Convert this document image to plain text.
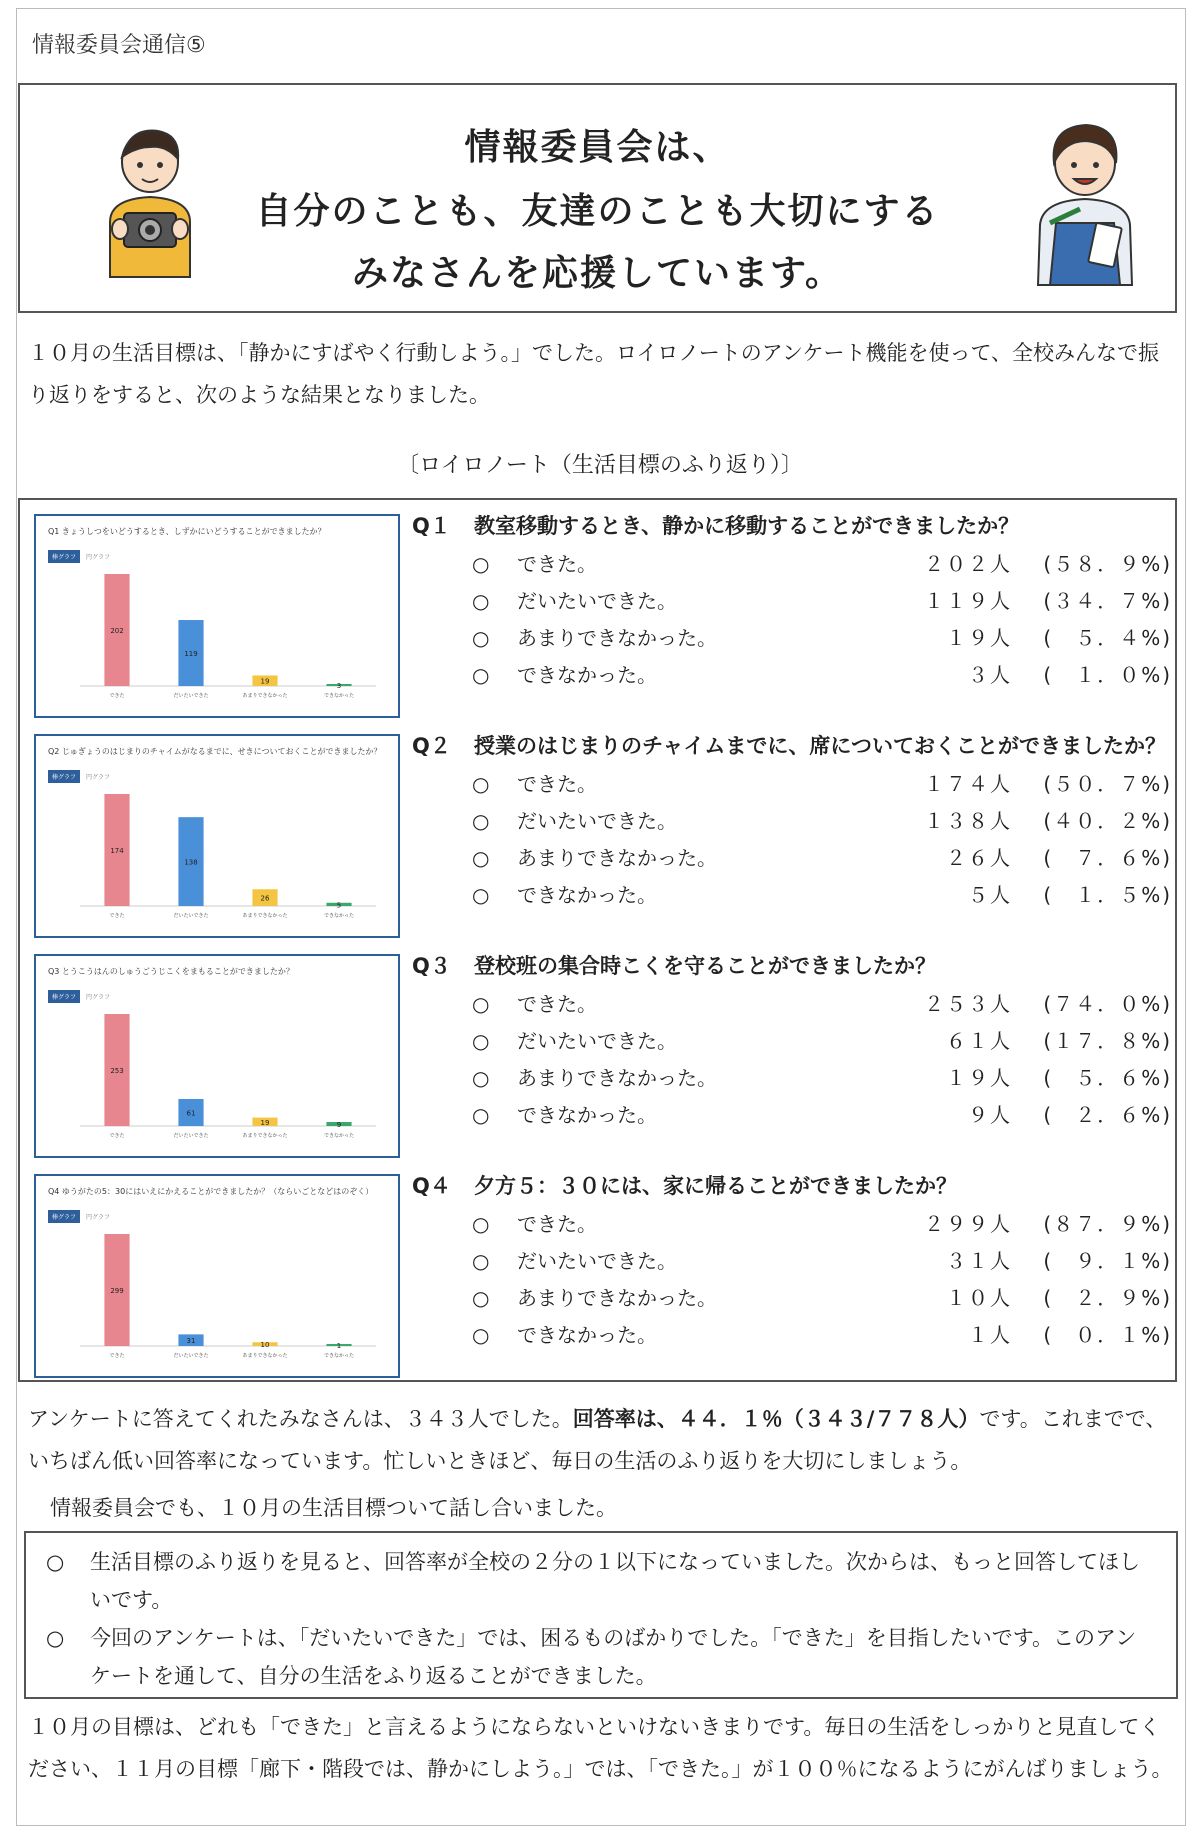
情報委員会通信⑤
情報委員会は、
自分のことも、友達のことも大切にする
みなさんを応援しています。
１０月の生活目標は、「静かにすばやく行動しよう。」でした。ロイロノートのアンケート機能を使って、全校みんなで振り返りをすると、次のような結果となりました。
〔ロイロノート（生活目標のふり返り）〕
202
できた
119
だいたいできた
19
あまりできなかった
3
できなかった
Q1 きょうしつをいどうするとき、しずかにいどうすることができましたか？
棒グラフ	円グラフ
174
できた
138
だいたいできた
26
あまりできなかった
5
できなかった
Q2 じゅぎょうのはじまりのチャイムがなるまでに、せきについておくことができましたか？
棒グラフ	円グラフ
253
できた
61
だいたいできた
19
あまりできなかった
9
できなかった
Q3 とうこうはんのしゅうごうじこくをまもることができましたか？
棒グラフ	円グラフ
299
できた
31
だいたいできた
10
あまりできなかった
1
できなかった
Q4 ゆうがたの5：30にはいえにかえることができましたか？（ならいごとなどはのぞく）
棒グラフ	円グラフ
Q１ 教室移動するとき、静かに移動することができましたか？
○ できた。	２０２人 (５８．９%)
○ だいたいできた。	１１９人 (３４．７%)
○ あまりできなかった。	１９人 (　５．４%)
○ できなかった。	３人 (　１．０%)
Q２ 授業のはじまりのチャイムまでに、席についておくことができましたか？
○ できた。	１７４人 (５０．７%)
○ だいたいできた。	１３８人 (４０．２%)
○ あまりできなかった。	２６人 (　７．６%)
○ できなかった。	５人 (　１．５%)
Q３ 登校班の集合時こくを守ることができましたか？
○ できた。	２５３人 (７４．０%)
○ だいたいできた。	６１人 (１７．８%)
○ あまりできなかった。	１９人 (　５．６%)
○ できなかった。	９人 (　２．６%)
Q４ 夕方５：３０には、家に帰ることができましたか？
○ できた。	２９９人 (８７．９%)
○ だいたいできた。	３１人 (　９．１%)
○ あまりできなかった。	１０人 (　２．９%)
○ できなかった。	１人 (　０．１%)
アンケートに答えてくれたみなさんは、３４３人でした。回答率は、４４．１％（３４３/７７８人）です。これまでで、いちばん低い回答率になっています。忙しいときほど、毎日の生活のふり返りを大切にしましょう。
情報委員会でも、１０月の生活目標ついて話し合いました。
○	生活目標のふり返りを見ると、回答率が全校の２分の１以下になっていました。次からは、もっと回答してほしいです。
○	今回のアンケートは、「だいたいできた」では、困るものばかりでした。「できた」を目指したいです。このアンケートを通して、自分の生活をふり返ることができました。
１０月の目標は、どれも「できた」と言えるようにならないといけないきまりです。毎日の生活をしっかりと見直してください、１１月の目標「廊下・階段では、静かにしよう。」では、「できた。」が１００％になるようにがんばりましょう。
